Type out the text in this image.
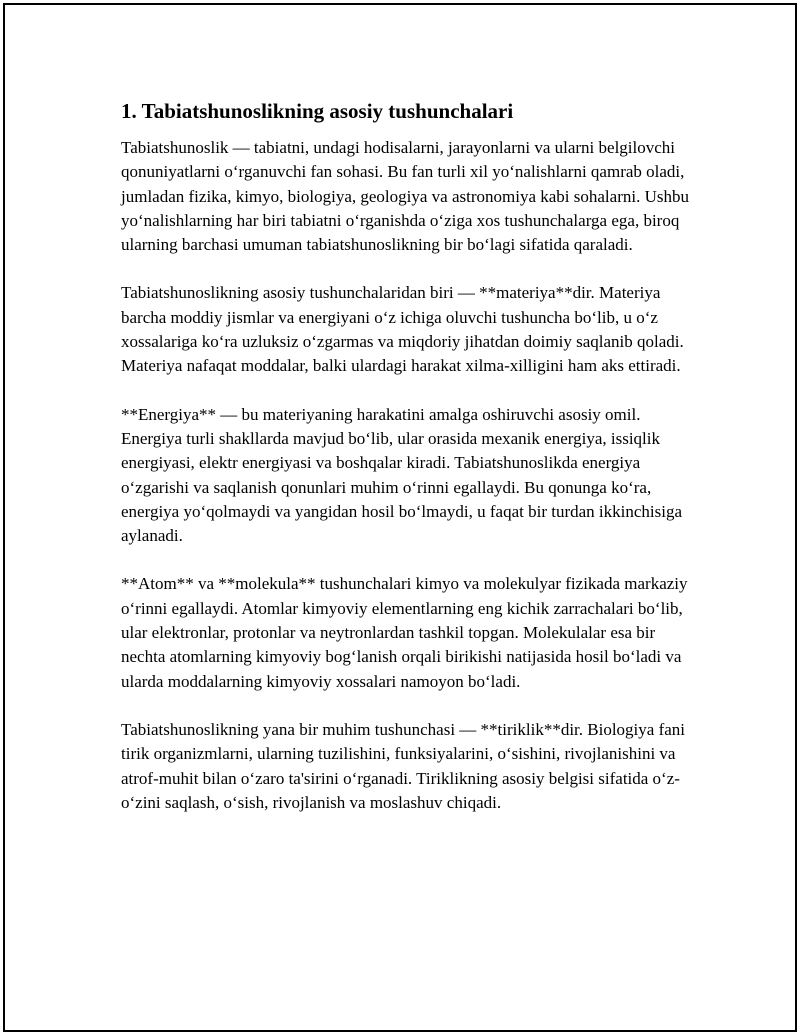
1. Tabiatshunoslikning asosiy tushunchalari

Tabiatshunoslik — tabiatni, undagi hodisalarni, jarayonlarni va ularni belgilovchi qonuniyatlarni oʻrganuvchi fan sohasi. Bu fan turli xil yoʻnalishlarni qamrab oladi, jumladan fizika, kimyo, biologiya, geologiya va astronomiya kabi sohalarni. Ushbu yoʻnalishlarning har biri tabiatni oʻrganishda oʻziga xos tushunchalarga ega, biroq ularning barchasi umuman tabiatshunoslikning bir boʻlagi sifatida qaraladi.

Tabiatshunoslikning asosiy tushunchalaridan biri — **materiya**dir. Materiya barcha moddiy jismlar va energiyani oʻz ichiga oluvchi tushuncha boʻlib, u oʻz xossalariga koʻra uzluksiz oʻzgarmas va miqdoriy jihatdan doimiy saqlanib qoladi. Materiya nafaqat moddalar, balki ulardagi harakat xilma-xilligini ham aks ettiradi.

**Energiya** — bu materiyaning harakatini amalga oshiruvchi asosiy omil. Energiya turli shakllarda mavjud boʻlib, ular orasida mexanik energiya, issiqlik energiyasi, elektr energiyasi va boshqalar kiradi. Tabiatshunoslikda energiya oʻzgarishi va saqlanish qonunlari muhim oʻrinni egallaydi. Bu qonunga koʻra, energiya yoʻqolmaydi va yangidan hosil boʻlmaydi, u faqat bir turdan ikkinchisiga aylanadi.

**Atom** va **molekula** tushunchalari kimyo va molekulyar fizikada markaziy oʻrinni egallaydi. Atomlar kimyoviy elementlarning eng kichik zarrachalari boʻlib, ular elektronlar, protonlar va neytronlardan tashkil topgan. Molekulalar esa bir nechta atomlarning kimyoviy bogʻlanish orqali birikishi natijasida hosil boʻladi va ularda moddalarning kimyoviy xossalari namoyon boʻladi.

Tabiatshunoslikning yana bir muhim tushunchasi — **tiriklik**dir. Biologiya fani tirik organizmlarni, ularning tuzilishini, funksiyalarini, oʻsishini, rivojlanishini va atrof-muhit bilan oʻzaro ta'sirini oʻrganadi. Tiriklikning asosiy belgisi sifatida oʻz-oʻzini saqlash, oʻsish, rivojlanish va moslashuv chiqadi.
